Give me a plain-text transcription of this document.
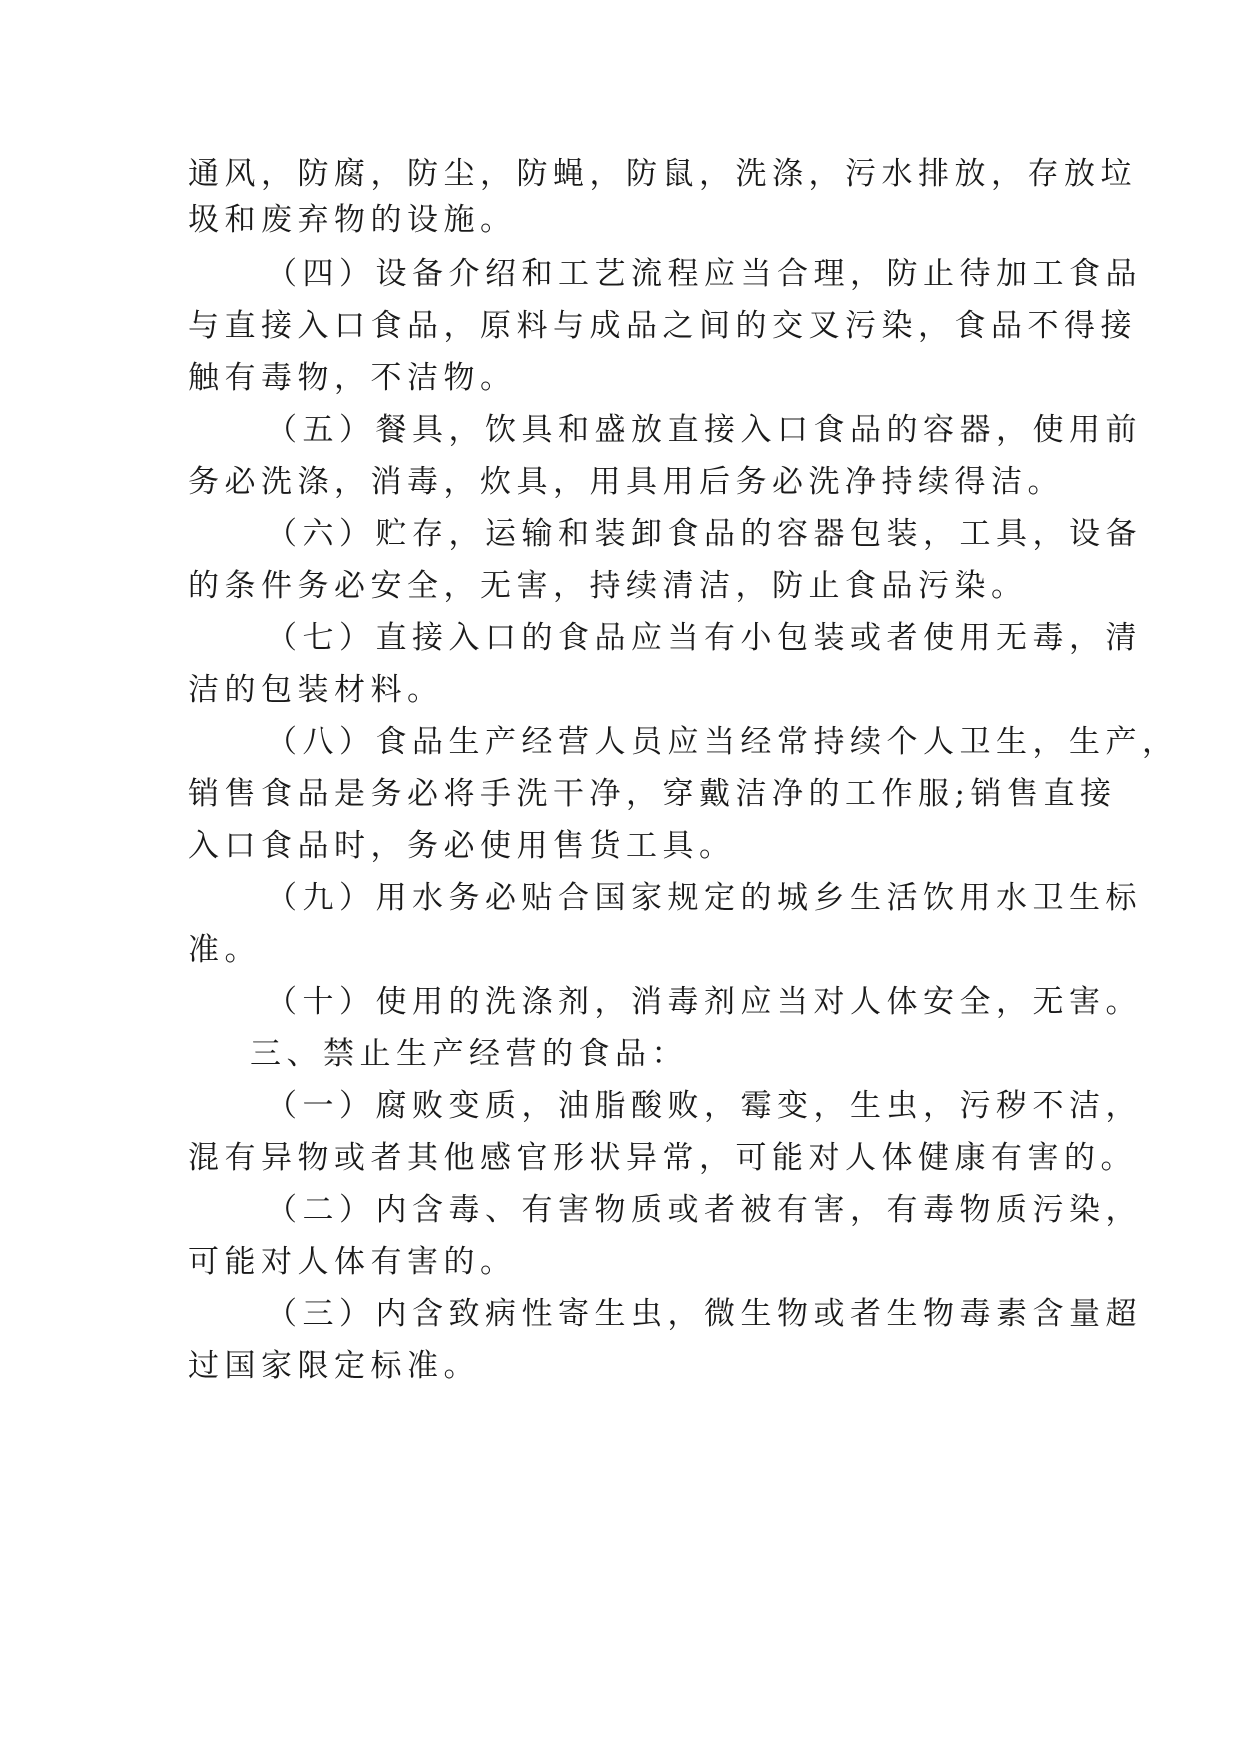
通风，防腐，防尘，防蝇，防鼠，洗涤，污水排放，存放垃
圾和废弃物的设施。
（四）设备介绍和工艺流程应当合理，防止待加工食品
与直接入口食品，原料与成品之间的交叉污染，食品不得接
触有毒物，不洁物。
（五）餐具，饮具和盛放直接入口食品的容器，使用前
务必洗涤，消毒，炊具，用具用后务必洗净持续得洁。
（六）贮存，运输和装卸食品的容器包装，工具，设备
的条件务必安全，无害，持续清洁，防止食品污染。
（七）直接入口的食品应当有小包装或者使用无毒，清
洁的包装材料。
（八）食品生产经营人员应当经常持续个人卫生，生产，
销售食品是务必将手洗干净，穿戴洁净的工作服;销售直接
入口食品时，务必使用售货工具。
（九）用水务必贴合国家规定的城乡生活饮用水卫生标
准。
（十）使用的洗涤剂，消毒剂应当对人体安全，无害。
三、禁止生产经营的食品：
（一）腐败变质，油脂酸败，霉变，生虫，污秽不洁，
混有异物或者其他感官形状异常，可能对人体健康有害的。
（二）内含毒、有害物质或者被有害，有毒物质污染，
可能对人体有害的。
（三）内含致病性寄生虫，微生物或者生物毒素含量超
过国家限定标准。
